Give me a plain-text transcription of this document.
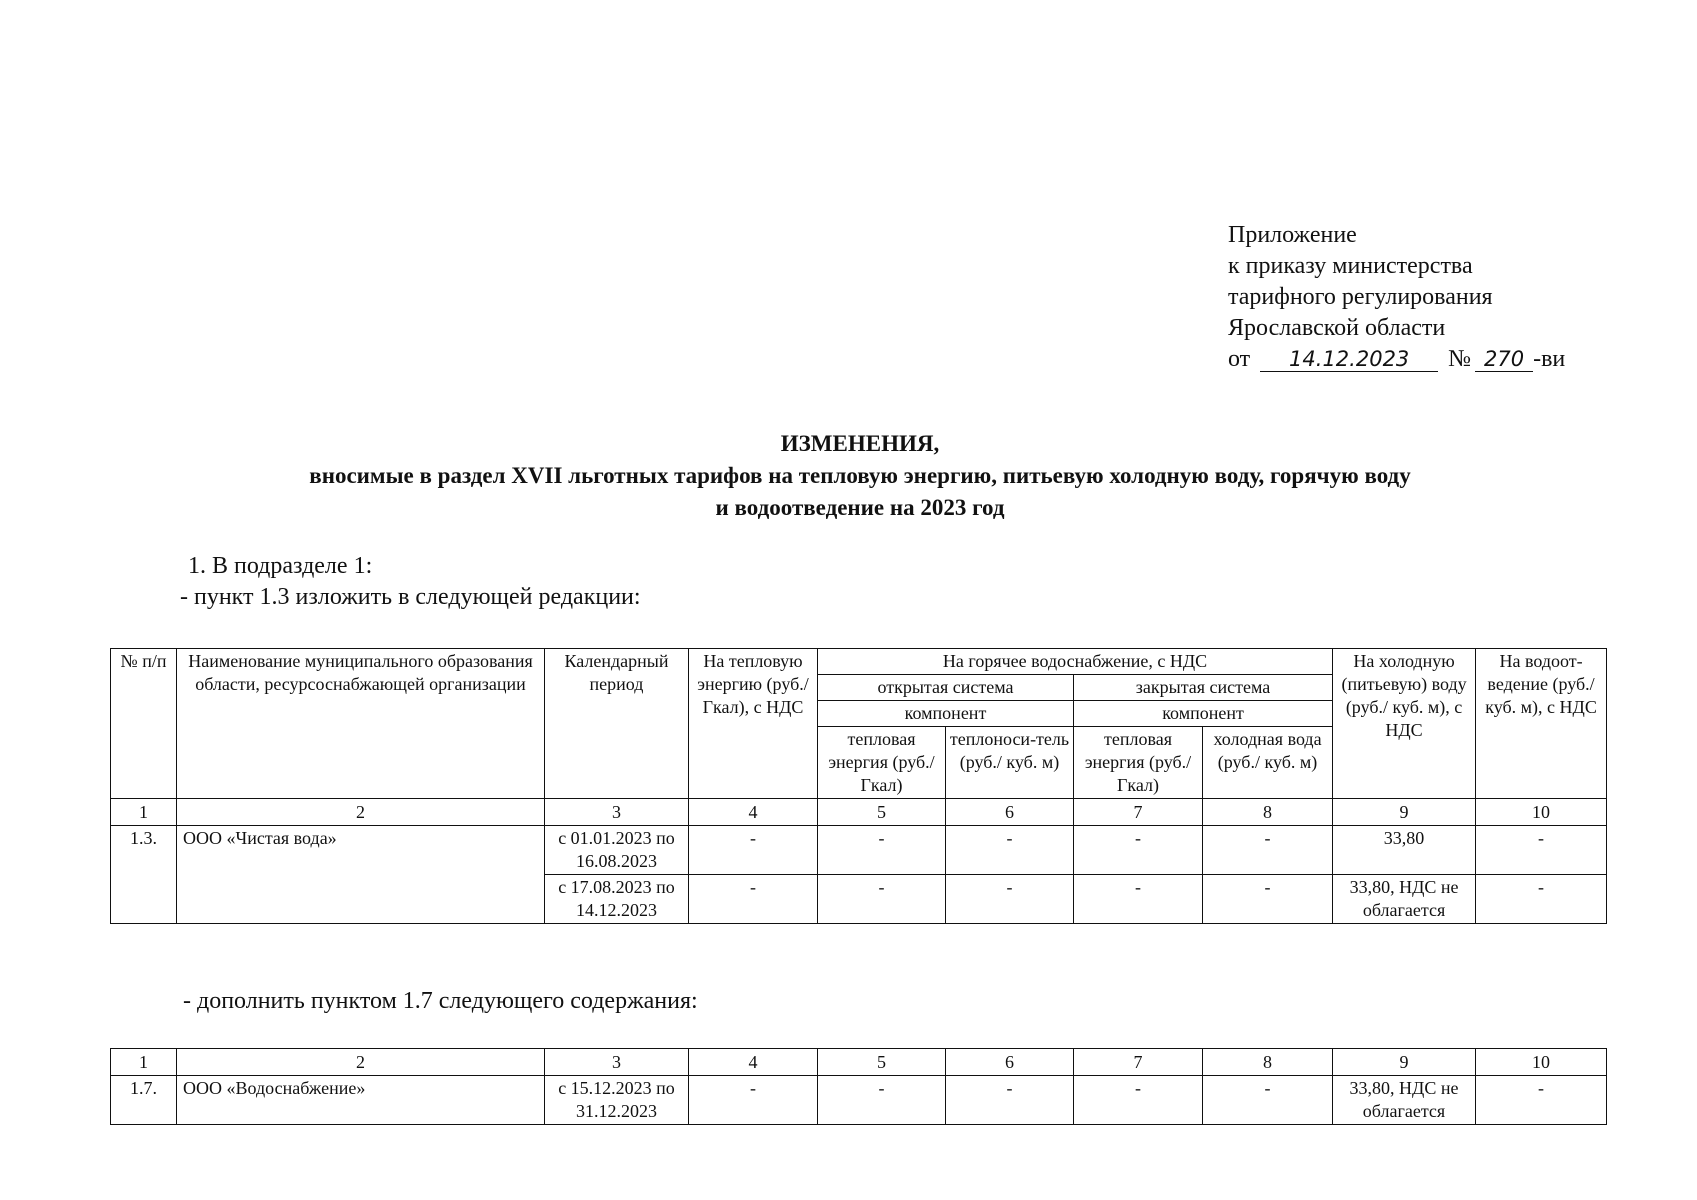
Приложение
к приказу министерства
тарифного регулирования
Ярославской области
от 14.12.2023 № 270 -ви
ИЗМЕНЕНИЯ,
вносимые в раздел XVII льготных тарифов на тепловую энергию, питьевую холодную воду, горячую воду
и водоотведение на 2023 год
1. В подразделе 1:
- пункт 1.3 изложить в следующей редакции:
№ п/п	Наименование муниципального образования области, ресурсоснабжающей организации	Календарный период	На тепловую энергию (руб./Гкал), с НДС	На горячее водоснабжение, с НДС				На холодную (питьевую) воду (руб./ куб. м), с НДС	На водоот-ведение (руб./ куб. м), с НДС
				открытая система		закрытая система			
				компонент		компонент			
				тепловая энергия (руб./Гкал)	теплоноси-тель (руб./ куб. м)	тепловая энергия (руб./Гкал)	холодная вода (руб./ куб. м)		
1	2	3	4	5	6	7	8	9	10
1.3.	ООО «Чистая вода»	с 01.01.2023 по 16.08.2023	-	-	-	-	-	33,80	-
		с 17.08.2023 по 14.12.2023	-	-	-	-	-	33,80, НДС не облагается	-
- дополнить пунктом 1.7 следующего содержания:
1	2	3	4	5	6	7	8	9	10
1.7.	ООО «Водоснабжение»	с 15.12.2023 по 31.12.2023	-	-	-	-	-	33,80, НДС не облагается	-
